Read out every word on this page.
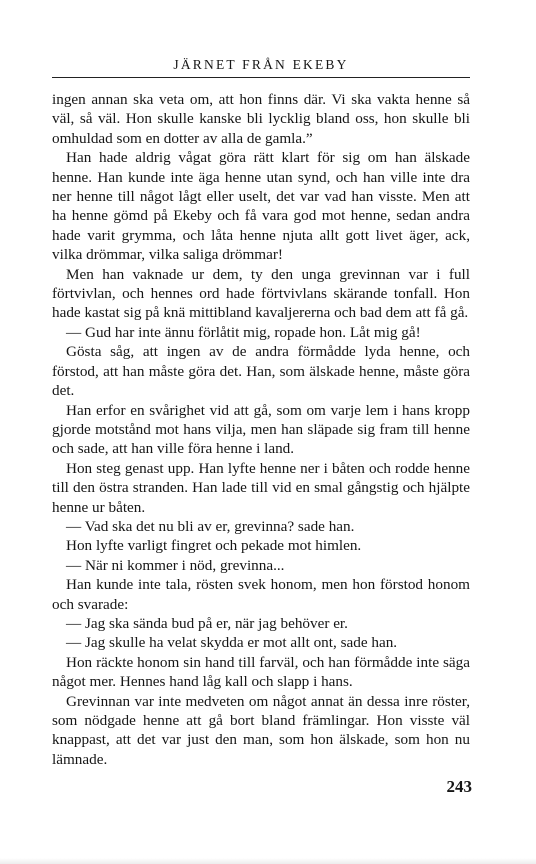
JÄRNET FRÅN EKEBY

ingen annan ska veta om, att hon finns där. Vi ska vakta henne så väl, så väl. Hon skulle kanske bli lycklig bland oss, hon skulle bli omhuldad som en dotter av alla de gamla.”

Han hade aldrig vågat göra rätt klart för sig om han älskade henne. Han kunde inte äga henne utan synd, och han ville inte dra ner henne till något lågt eller uselt, det var vad han visste. Men att ha henne gömd på Ekeby och få vara god mot henne, sedan andra hade varit grymma, och låta henne njuta allt gott livet äger, ack, vilka drömmar, vilka saliga drömmar!

Men han vaknade ur dem, ty den unga grevinnan var i full förtvivlan, och hennes ord hade förtvivlans skärande tonfall. Hon hade kastat sig på knä mittibland kavaljererna och bad dem att få gå.

— Gud har inte ännu förlåtit mig, ropade hon. Låt mig gå!

Gösta såg, att ingen av de andra förmådde lyda henne, och förstod, att han måste göra det. Han, som älskade henne, måste göra det.

Han erfor en svårighet vid att gå, som om varje lem i hans kropp gjorde motstånd mot hans vilja, men han släpade sig fram till henne och sade, att han ville föra henne i land.

Hon steg genast upp. Han lyfte henne ner i båten och rodde henne till den östra stranden. Han lade till vid en smal gångstig och hjälpte henne ur båten.

— Vad ska det nu bli av er, grevinna? sade han.

Hon lyfte varligt fingret och pekade mot himlen.

— När ni kommer i nöd, grevinna...

Han kunde inte tala, rösten svek honom, men hon förstod honom och svarade:

— Jag ska sända bud på er, när jag behöver er.

— Jag skulle ha velat skydda er mot allt ont, sade han.

Hon räckte honom sin hand till farväl, och han förmådde inte säga något mer. Hennes hand låg kall och slapp i hans.

Grevinnan var inte medveten om något annat än dessa inre röster, som nödgade henne att gå bort bland främlingar. Hon visste väl knappast, att det var just den man, som hon älskade, som hon nu lämnade.

243
